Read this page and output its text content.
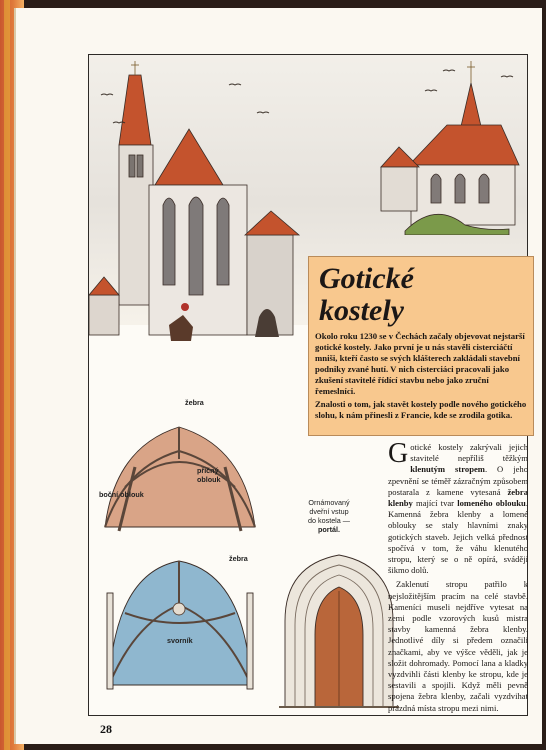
žebra
příčný
oblouk
boční oblouk
žebra
svorník
Ornámovaný
dveřní vstup
do kostela —
portál.
Gotické
kostely

Okolo roku 1230 se v Čechách začaly objevovat nejstarší gotické kostely. Jako první je u nás stavěli cisterciáčtí mniši, kteří často se svých klášterech zakládali stavební podniky zvané hutí. V nich cisterciáci pracovali jako zkušení stavitelé řídící stavbu nebo jako zruční řemeslníci.

Znalosti o tom, jak stavět kostely podle nového gotického slohu, k nám přinesli z Francie, kde se zrodila gotika.

Gotické kostely zakrývali jejich stavitelé nepříliš těžkým klenutým stropem. O jeho zpevnění se téměř zázračným způsobem postarala z kamene vytesaná žebra klenby mající tvar lomeného oblouku. Kamenná žebra klenby a lomené oblouky se staly hlavními znaky gotických staveb. Jejich velká přednost spočívá v tom, že váhu klenutého stropu, který se o ně opírá, svádějí šikmo dolů.

Zaklenutí stropu patřilo k nejsložitějším pracím na celé stavbě. Kameníci museli nejdříve vytesat na zemi podle vzorových kusů mistra stavby kamenná žebra klenby. Jednotlivé díly si předem označili značkami, aby ve výšce věděli, jak je složit dohromady. Pomocí lana a kladky vyzdvihli části klenby ke stropu, kde je sestavili a spojili. Když měli pevně spojena žebra klenby, začali vyzdvihat prázdná místa stropu mezi nimi.

28
